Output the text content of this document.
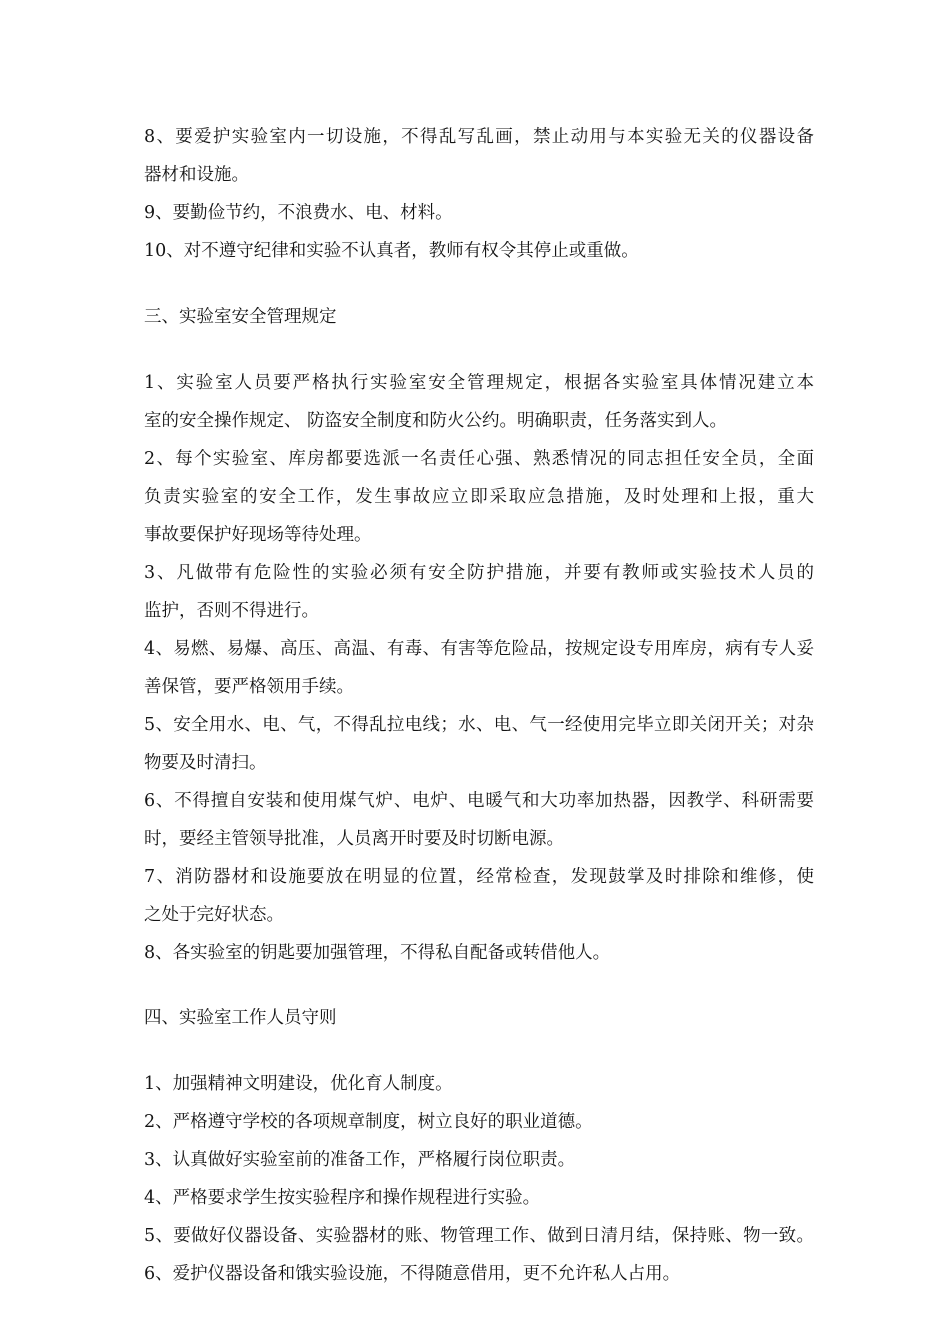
8、要爱护实验室内一切设施，不得乱写乱画，禁止动用与本实验无关的仪器设备
器材和设施。
9、要勤俭节约，不浪费水、电、材料。
10、对不遵守纪律和实验不认真者，教师有权令其停止或重做。
三、实验室安全管理规定
1、实验室人员要严格执行实验室安全管理规定，根据各实验室具体情况建立本
室的安全操作规定、 防盗安全制度和防火公约。明确职责，任务落实到人。
2、每个实验室、库房都要选派一名责任心强、熟悉情况的同志担任安全员，全面
负责实验室的安全工作，发生事故应立即采取应急措施，及时处理和上报，重大
事故要保护好现场等待处理。
3、凡做带有危险性的实验必须有安全防护措施，并要有教师或实验技术人员的
监护，否则不得进行。
4、易燃、易爆、高压、高温、有毒、有害等危险品，按规定设专用库房，病有专人妥
善保管，要严格领用手续。
5、安全用水、电、气，不得乱拉电线；水、电、气一经使用完毕立即关闭开关；对杂
物要及时清扫。
6、不得擅自安装和使用煤气炉、电炉、电暖气和大功率加热器，因教学、科研需要
时，要经主管领导批准，人员离开时要及时切断电源。
7、消防器材和设施要放在明显的位置，经常检查，发现鼓掌及时排除和维修，使
之处于完好状态。
8、各实验室的钥匙要加强管理，不得私自配备或转借他人。
四、实验室工作人员守则
1、加强精神文明建设，优化育人制度。
2、严格遵守学校的各项规章制度，树立良好的职业道德。
3、认真做好实验室前的准备工作，严格履行岗位职责。
4、严格要求学生按实验程序和操作规程进行实验。
5、要做好仪器设备、实验器材的账、物管理工作、做到日清月结，保持账、物一致。
6、爱护仪器设备和饿实验设施，不得随意借用，更不允许私人占用。
